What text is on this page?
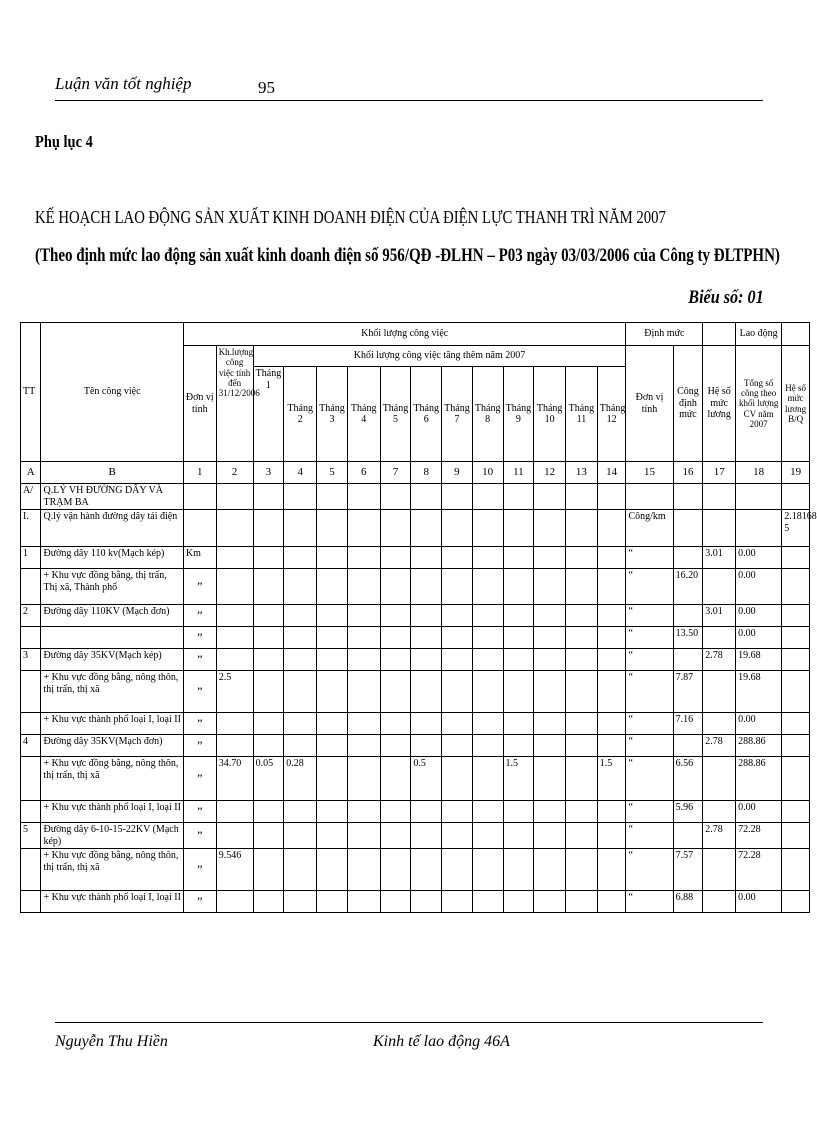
Luận văn tốt nghiệp	95
Phụ lục 4
KẾ HOẠCH LAO ĐỘNG SẢN XUẤT KINH DOANH ĐIỆN CỦA ĐIỆN LỰC THANH TRÌ NĂM 2007
(Theo định mức lao động sản xuất kinh doanh điện số 956/QĐ -ĐLHN – P03 ngày 03/03/2006 của Công ty ĐLTPHN)
Biểu số: 01
TT	Tên công việc	Khối lượng công việc														Định mức			Lao động	
		Đơn vị tính	Kh.lượng công việc tính đến 31/12/2006	Khối lượng công việc tăng thêm năm 2007												Đơn vị tính	Công định mức	Hệ số mức lương	Tổng số công theo khối lượng CV năm 2007	Hệ số mức lương B/Q
				Tháng 1	Tháng 2	Tháng 3	Tháng 4	Tháng 5	Tháng 6	Tháng 7	Tháng 8	Tháng 9	Tháng 10	Tháng 11	Tháng 12					
A	B	1	2	3	4	5	6	7	8	9	10	11	12	13	14	15	16	17	18	19
A/	Q.LÝ VH ĐƯỜNG DÂY VÀ TRẠM BA																			
I.	Q.lý vận hành đường dây tải điện															Công/km				2.18168 5
1	Đường dây 110 kv(Mạch kép)	Km														“		3.01	0.00	
	+ Khu vực đồng bằng, thị trấn, Thị xã, Thành phố	”														“	16.20		0.00	
2	Đường dây 110KV (Mạch đơn)	”														“		3.01	0.00	
		”														“	13.50		0.00	
3	Đường dây 35KV(Mạch kép)	”														“		2.78	19.68	
	+ Khu vực đồng bằng, nông thôn, thị trấn, thị xã	”	2.5													“	7.87		19.68	
	+ Khu vực thành phố loại I, loại II	”														“	7.16		0.00	
4	Đường dây 35KV(Mạch đơn)	”														“		2.78	288.86	
	+ Khu vực đồng bằng, nông thôn, thị trấn, thị xã	”	34.70	0.05	0.28				0.5			1.5			1.5	“	6.56		288.86	
	+ Khu vực thành phố loại I, loại II	”														“	5.96		0.00	
5	Đường dây 6-10-15-22KV (Mạch kép)	”														“		2.78	72.28	
	+ Khu vực đồng bằng, nông thôn, thị trấn, thị xã	”	9.546													“	7.57		72.28	
	+ Khu vực thành phố loại I, loại II	”														“	6.88		0.00	
Nguyễn Thu Hiền	Kinh tế lao động 46A
